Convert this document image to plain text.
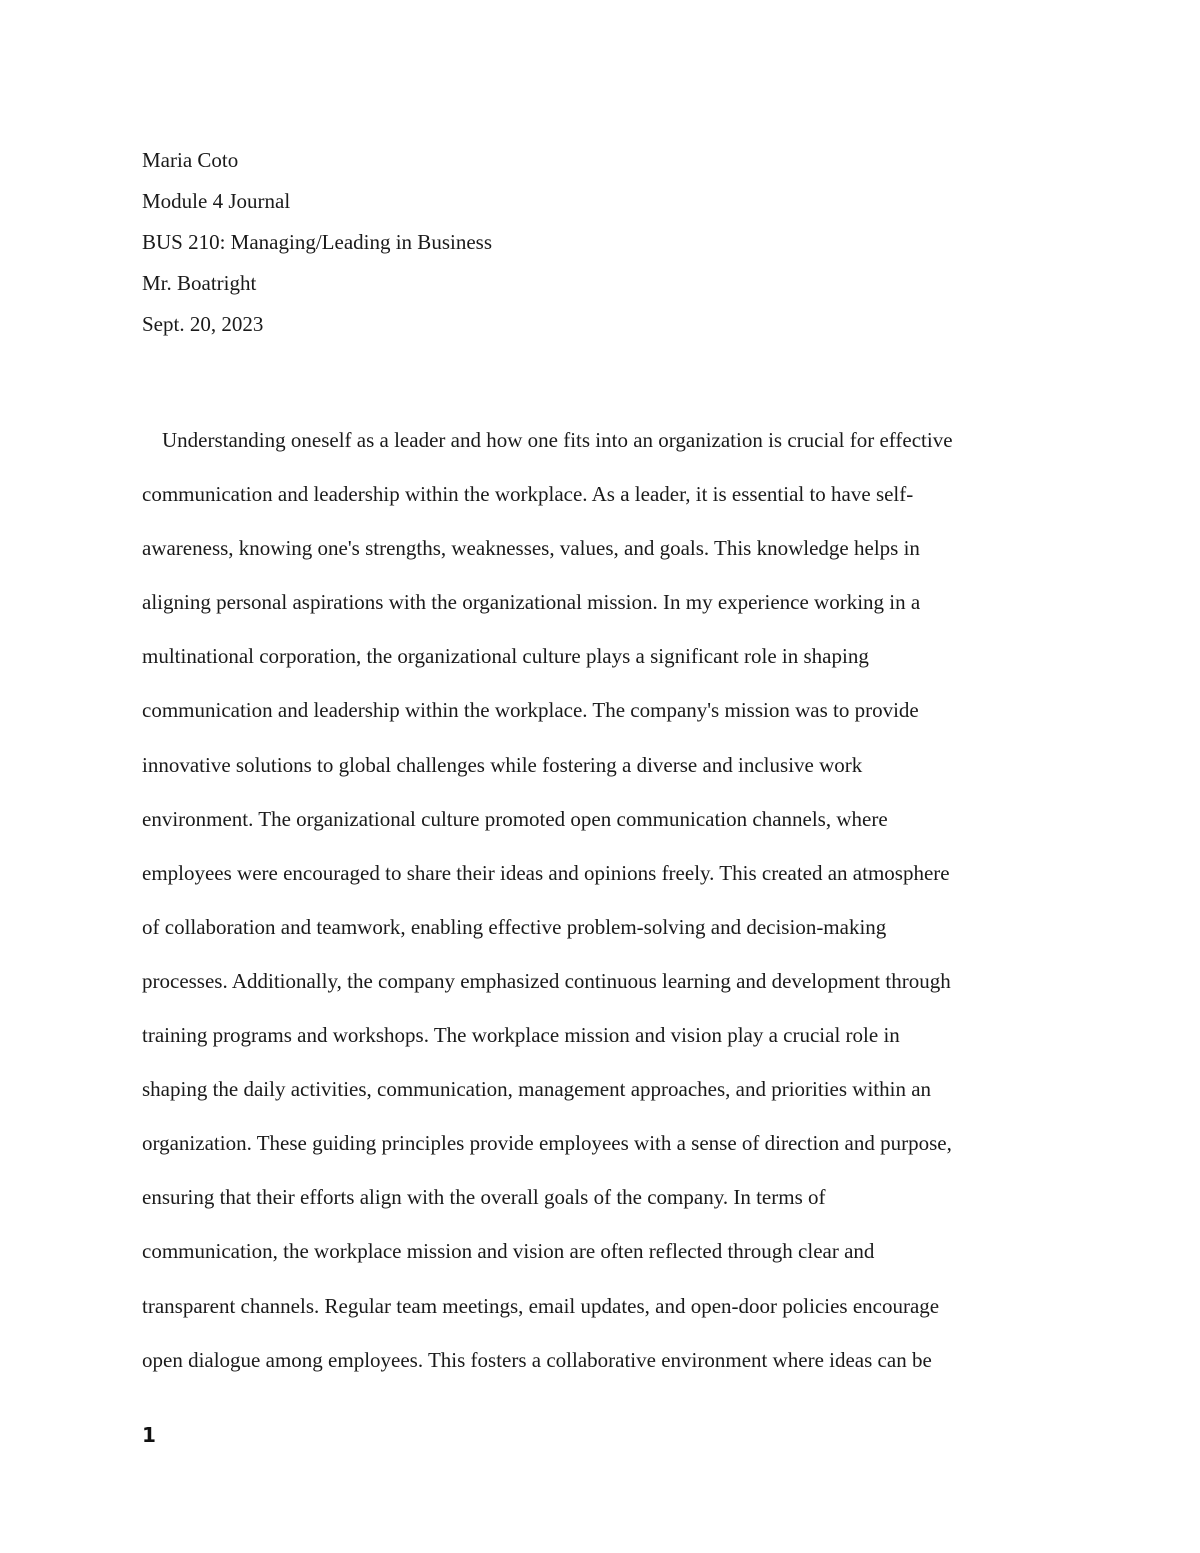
Maria Coto
Module 4 Journal
BUS 210: Managing/Leading in Business
Mr. Boatright
Sept. 20, 2023
Understanding oneself as a leader and how one fits into an organization is crucial for effective
communication and leadership within the workplace. As a leader, it is essential to have self-
awareness, knowing one's strengths, weaknesses, values, and goals. This knowledge helps in
aligning personal aspirations with the organizational mission. In my experience working in a
multinational corporation, the organizational culture plays a significant role in shaping
communication and leadership within the workplace. The company's mission was to provide
innovative solutions to global challenges while fostering a diverse and inclusive work
environment. The organizational culture promoted open communication channels, where
employees were encouraged to share their ideas and opinions freely. This created an atmosphere
of collaboration and teamwork, enabling effective problem-solving and decision-making
processes. Additionally, the company emphasized continuous learning and development through
training programs and workshops. The workplace mission and vision play a crucial role in
shaping the daily activities, communication, management approaches, and priorities within an
organization. These guiding principles provide employees with a sense of direction and purpose,
ensuring that their efforts align with the overall goals of the company. In terms of
communication, the workplace mission and vision are often reflected through clear and
transparent channels. Regular team meetings, email updates, and open-door policies encourage
open dialogue among employees. This fosters a collaborative environment where ideas can be
1
